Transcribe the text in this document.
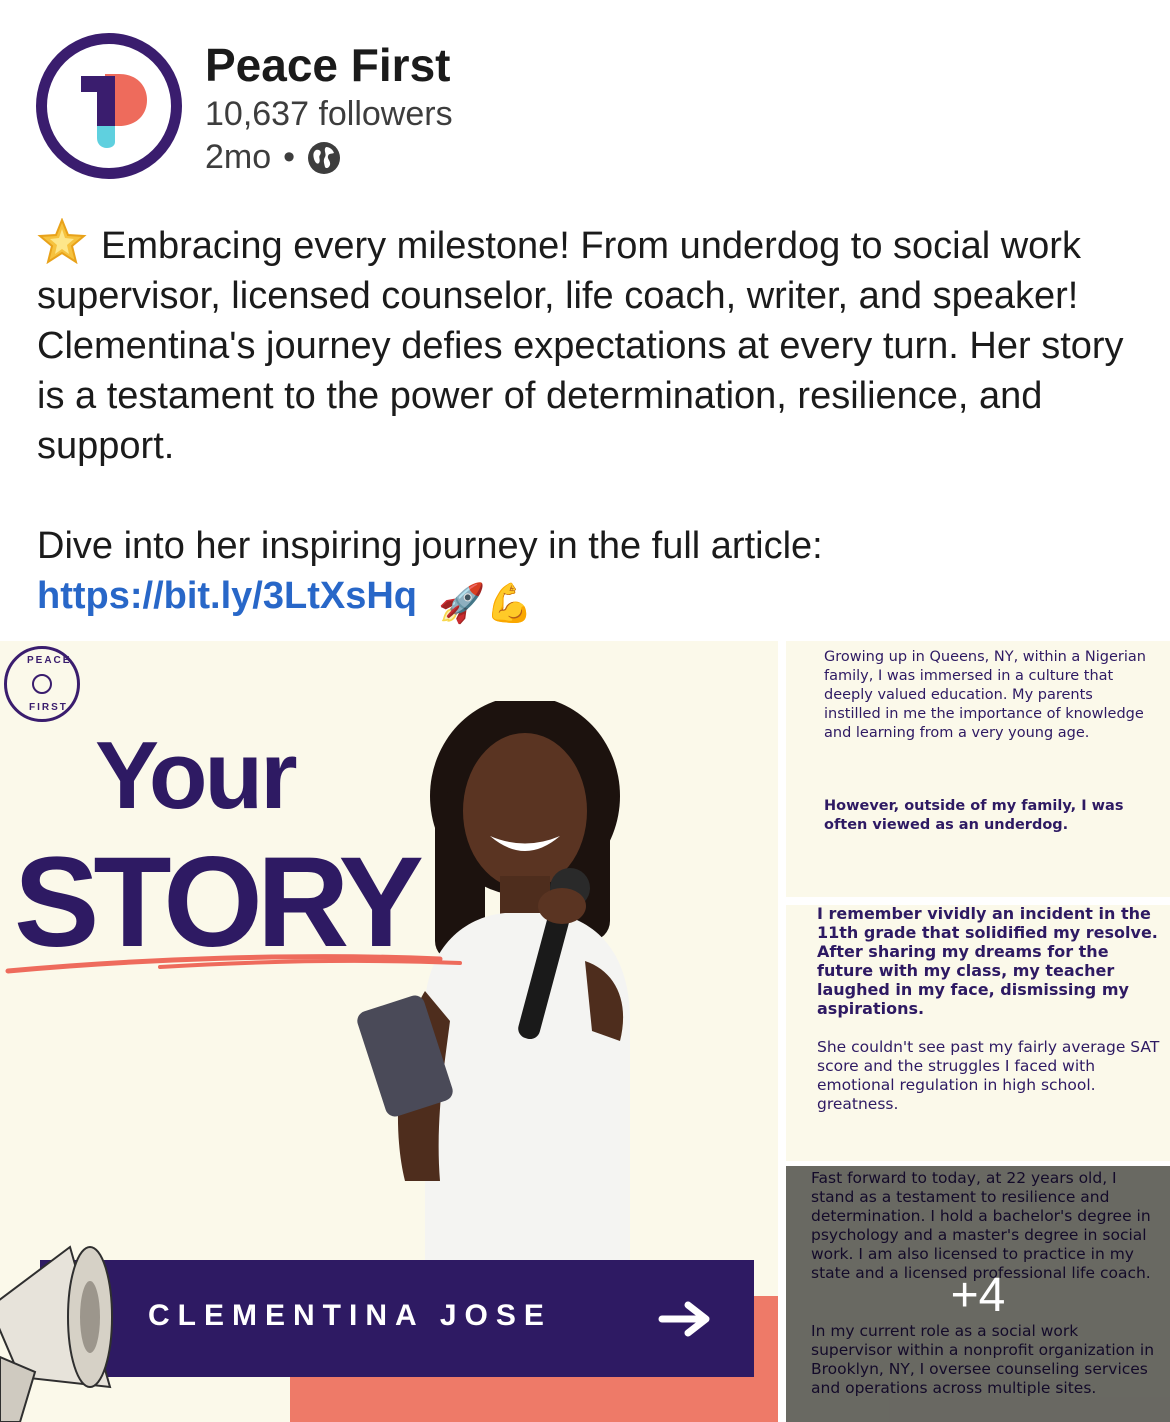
Peace First
10,637 followers
2mo •
Embracing every milestone! From underdog to social work supervisor, licensed counselor, life coach, writer, and speaker! Clementina's journey defies expectations at every turn. Her story is a testament to the power of determination, resilience, and support.
Dive into her inspiring journey in the full article: https://bit.ly/3LtXsHq 🚀💪
PEACE
FIRST
Your
STORY
CLEMENTINA JOSE
Growing up in Queens, NY, within a Nigerian family, I was immersed in a culture that deeply valued education. My parents instilled in me the importance of knowledge and learning from a very young age.
However, outside of my family, I was often viewed as an underdog.
I remember vividly an incident in the 11th grade that solidified my resolve. After sharing my dreams for the future with my class, my teacher laughed in my face, dismissing my aspirations.
She couldn't see past my fairly average SAT score and the struggles I faced with emotional regulation in high school. greatness.
+4
